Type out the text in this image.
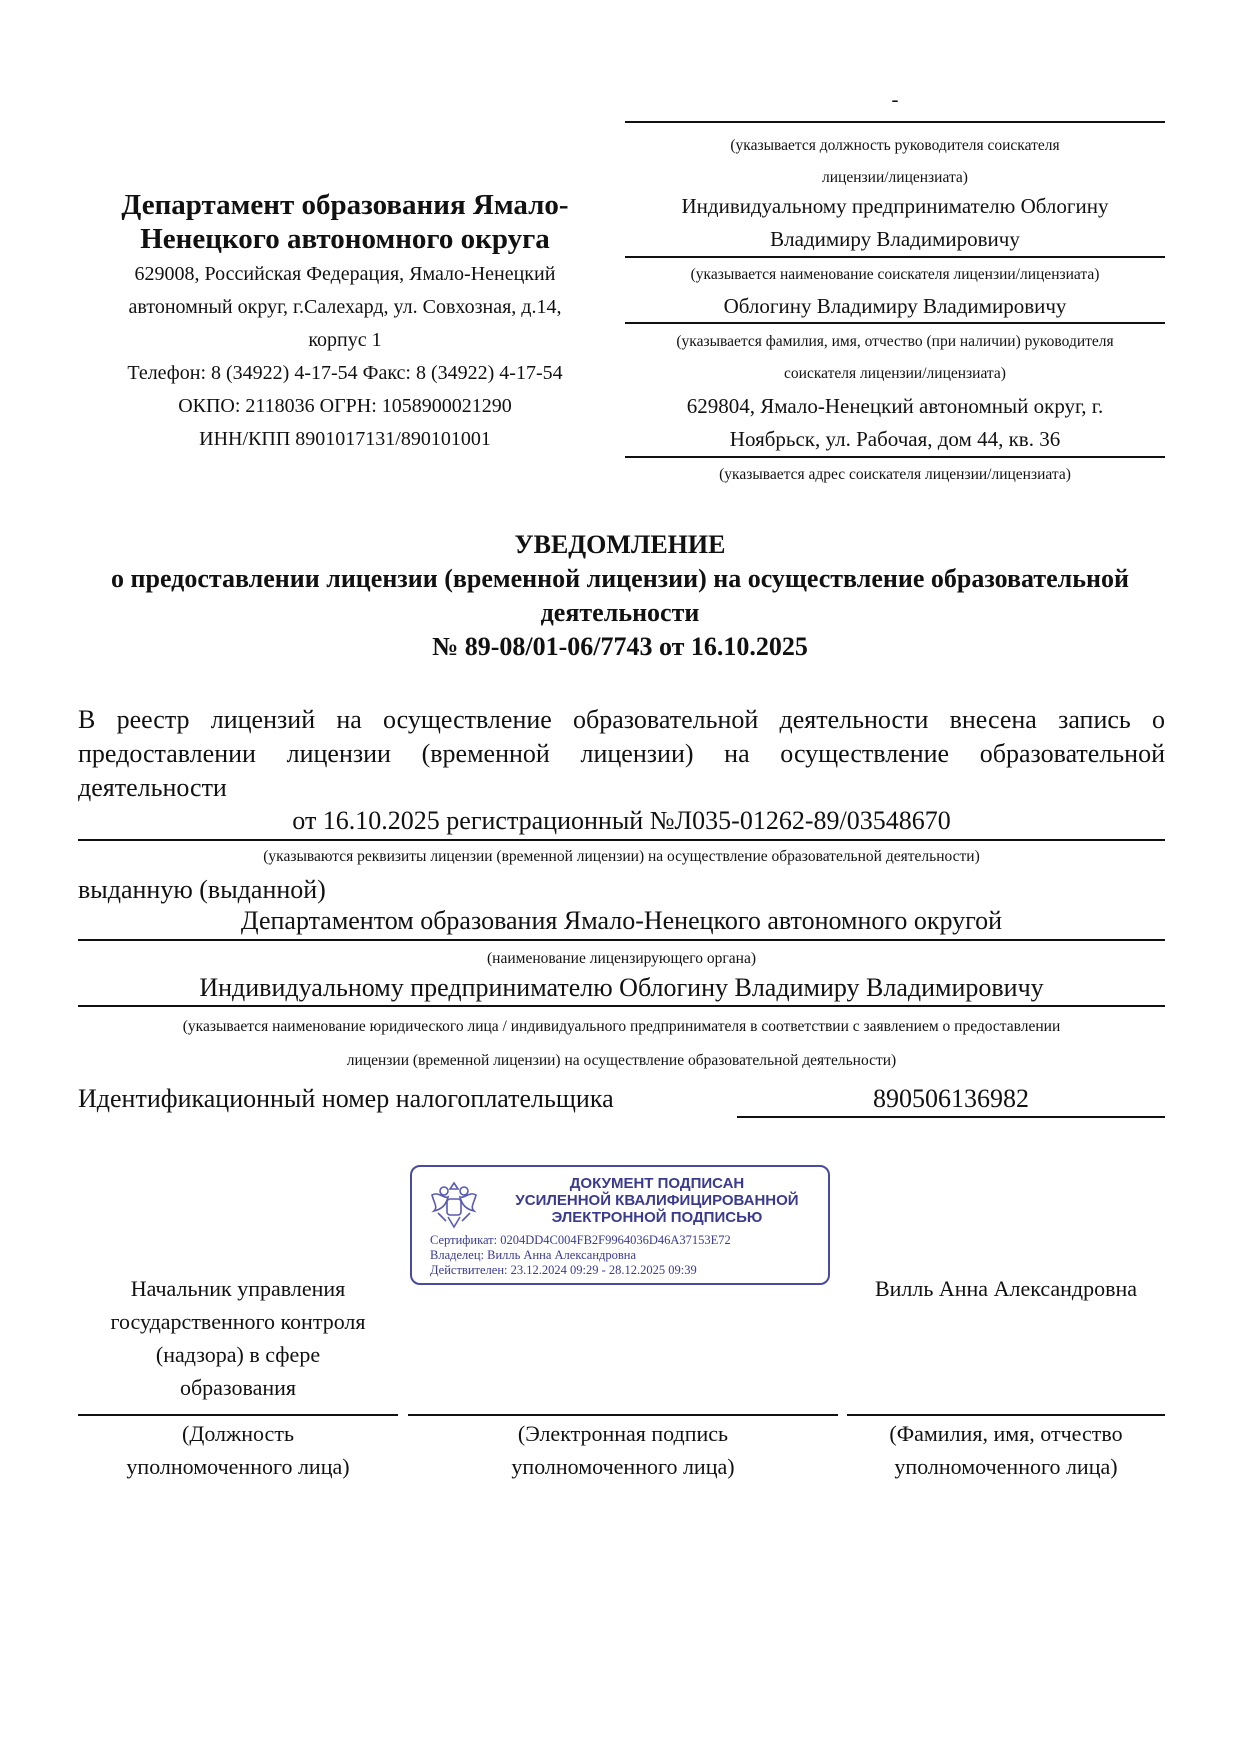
-
(указывается должность руководителя соискателя
лицензии/лицензиата)
Индивидуальному предпринимателю Облогину
Владимиру Владимировичу
(указывается наименование соискателя лицензии/лицензиата)
Облогину Владимиру Владимировичу
(указывается фамилия, имя, отчество (при наличии) руководителя
соискателя лицензии/лицензиата)
629804, Ямало-Ненецкий автономный округ, г.
Ноябрьск, ул. Рабочая, дом 44, кв. 36
(указывается адрес соискателя лицензии/лицензиата)
Департамент образования Ямало-
Ненецкого автономного округа
629008, Российская Федерация, Ямало-Ненецкий
автономный округ, г.Салехард, ул. Совхозная, д.14,
корпус 1
Телефон: 8 (34922) 4-17-54 Факс: 8 (34922) 4-17-54
ОКПО: 2118036 ОГРН: 1058900021290
ИНН/КПП 8901017131/890101001
УВЕДОМЛЕНИЕ
о предоставлении лицензии (временной лицензии) на осуществление образовательной
деятельности
№ 89-08/01-06/7743 от 16.10.2025
В реестр лицензий на осуществление образовательной деятельности внесена запись о предоставлении лицензии (временной лицензии) на осуществление образовательной деятельности
от 16.10.2025 регистрационный №Л035-01262-89/03548670
(указываются реквизиты лицензии (временной лицензии) на осуществление образовательной деятельности)
выданную (выданной)
Департаментом образования Ямало-Ненецкого автономного округой
(наименование лицензирующего органа)
Индивидуальному предпринимателю Облогину Владимиру Владимировичу
(указывается наименование юридического лица / индивидуального предпринимателя в соответствии с заявлением о предоставлении
лицензии (временной лицензии) на осуществление образовательной деятельности)
Идентификационный номер налогоплательщика	890506136982
ДОКУМЕНТ ПОДПИСАН
УСИЛЕННОЙ КВАЛИФИЦИРОВАННОЙ
ЭЛЕКТРОННОЙ ПОДПИСЬЮ
Сертификат: 0204DD4C004FB2F9964036D46A37153E72
Владелец: Вилль Анна Александровна
Действителен: 23.12.2024 09:29 - 28.12.2025 09:39
Начальник управления
государственного контроля
(надзора) в сфере
образования
Вилль Анна Александровна
(Должность
уполномоченного лица)
(Электронная подпись
уполномоченного лица)
(Фамилия, имя, отчество
уполномоченного лица)
